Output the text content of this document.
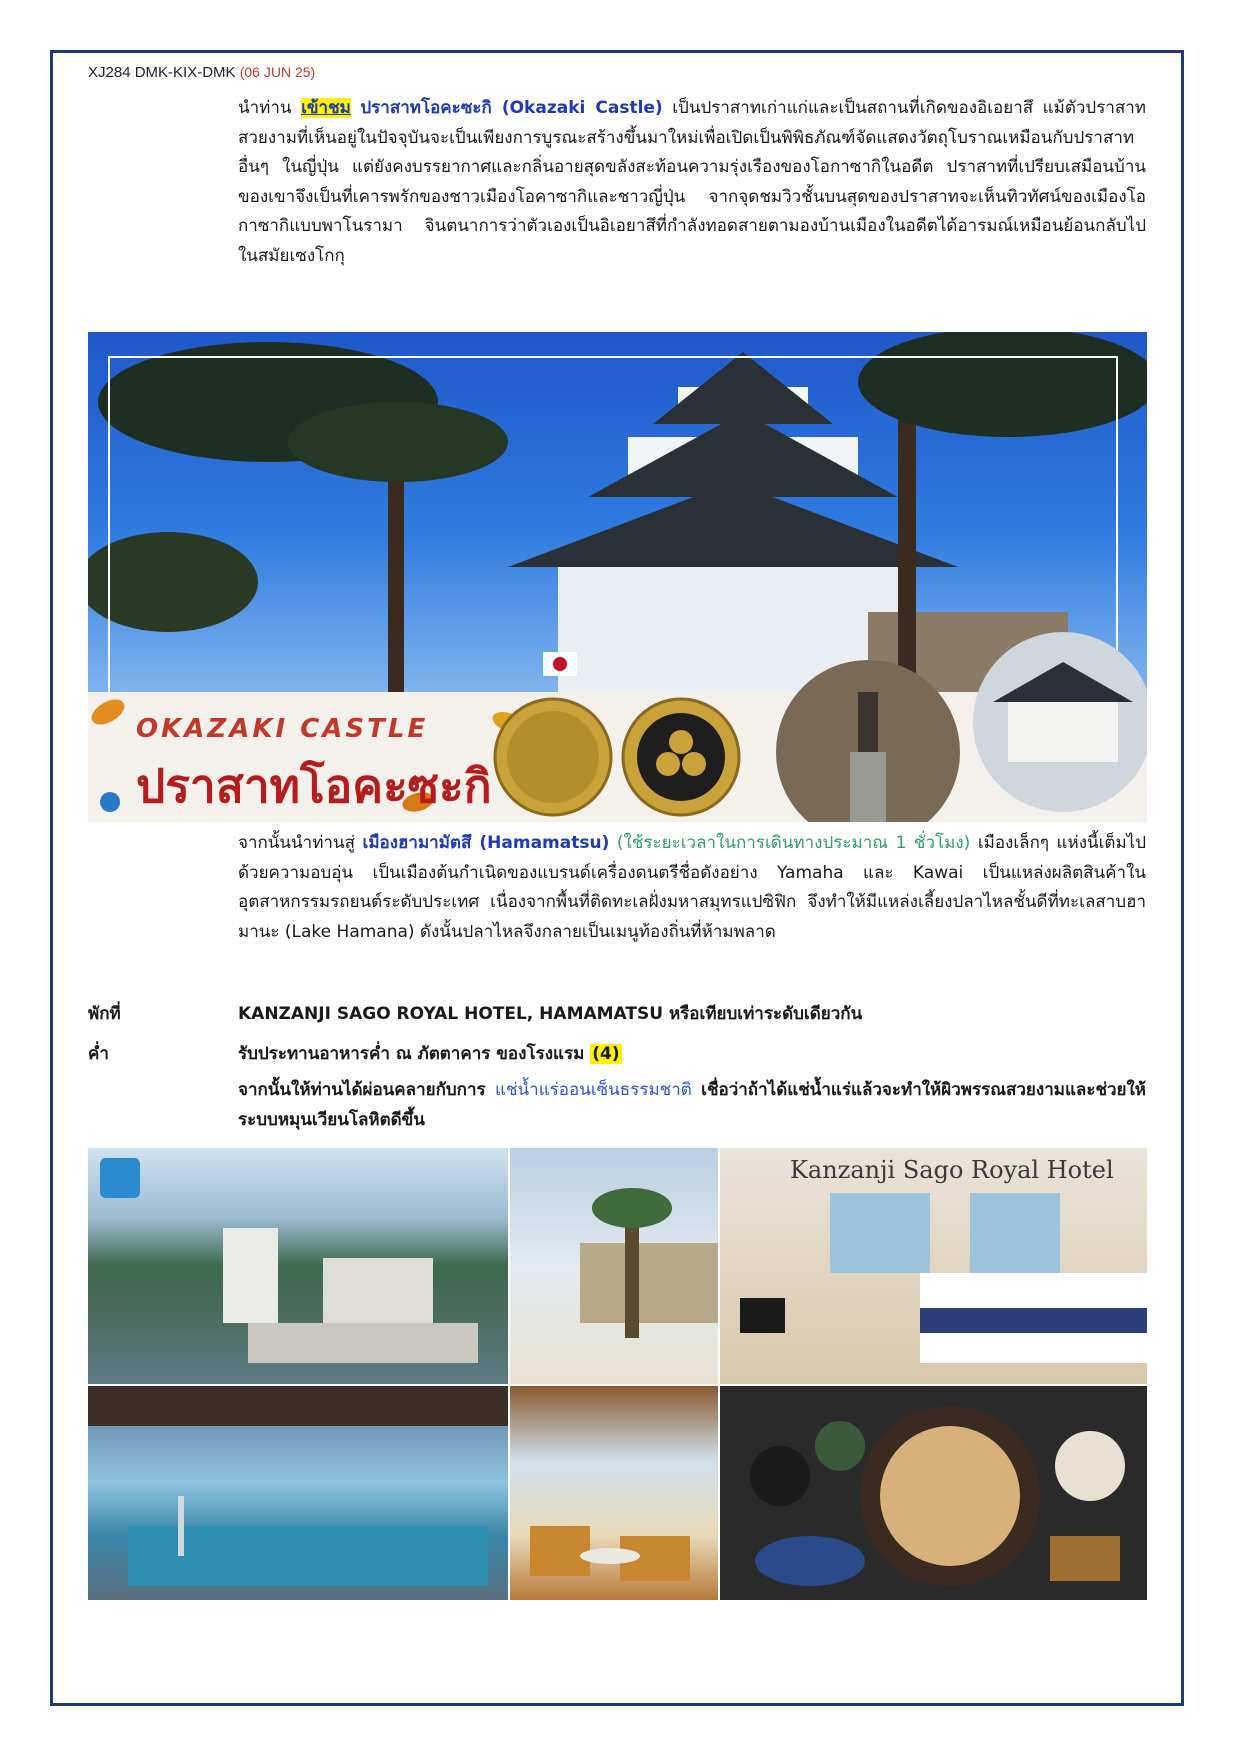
XJ284 DMK-KIX-DMK (06 JUN 25)
นำท่าน เข้าชม ปราสาทโอคะซะกิ (Okazaki Castle) เป็นปราสาทเก่าแก่และเป็นสถานที่เกิดของอิเอยาสึ แม้ตัวปราสาทสวยงามที่เห็นอยู่ในปัจจุบันจะเป็นเพียงการบูรณะสร้างขึ้นมาใหม่เพื่อเปิดเป็นพิพิธภัณฑ์จัดแสดงวัตถุโบราณเหมือนกับปราสาทอื่นๆ ในญี่ปุ่น แต่ยังคงบรรยากาศและกลิ่นอายสุดขลังสะท้อนความรุ่งเรืองของโอกาซากิในอดีต ปราสาทที่เปรียบเสมือนบ้านของเขาจึงเป็นที่เคารพรักของชาวเมืองโอคาซากิและชาวญี่ปุ่น จากจุดชมวิวชั้นบนสุดของปราสาทจะเห็นทิวทัศน์ของเมืองโอกาซากิแบบพาโนรามา จินตนาการว่าตัวเองเป็นอิเอยาสึที่กำลังทอดสายตามองบ้านเมืองในอดีตได้อารมณ์เหมือนย้อนกลับไปในสมัยเซงโกกุ
OKAZAKI CASTLE
ปราสาทโอคะซะกิ
จากนั้นนำท่านสู่ เมืองฮามามัตสึ (Hamamatsu) (ใช้ระยะเวลาในการเดินทางประมาณ 1 ชั่วโมง) เมืองเล็กๆ แห่งนี้เต็มไปด้วยความอบอุ่น เป็นเมืองต้นกำเนิดของแบรนด์เครื่องดนตรีชื่อดังอย่าง Yamaha และ Kawai เป็นแหล่งผลิตสินค้าในอุตสาหกรรมรถยนต์ระดับประเทศ เนื่องจากพื้นที่ติดทะเลฝั่งมหาสมุทรแปซิฟิก จึงทำให้มีแหล่งเลี้ยงปลาไหลชั้นดีที่ทะเลสาบฮามานะ (Lake Hamana) ดังนั้นปลาไหลจึงกลายเป็นเมนูท้องถิ่นที่ห้ามพลาด
พักที่	KANZANJI SAGO ROYAL HOTEL, HAMAMATSU หรือเทียบเท่าระดับเดียวกัน
ค่ำ	รับประทานอาหารค่ำ ณ ภัตตาคาร ของโรงแรม (4)
จากนั้นให้ท่านได้ผ่อนคลายกับการ แช่น้ำแร่ออนเซ็นธรรมชาติ เชื่อว่าถ้าได้แช่น้ำแร่แล้วจะทำให้ผิวพรรณสวยงามและช่วยให้ระบบหมุนเวียนโลหิตดีขึ้น
Kanzanji Sago Royal Hotel
